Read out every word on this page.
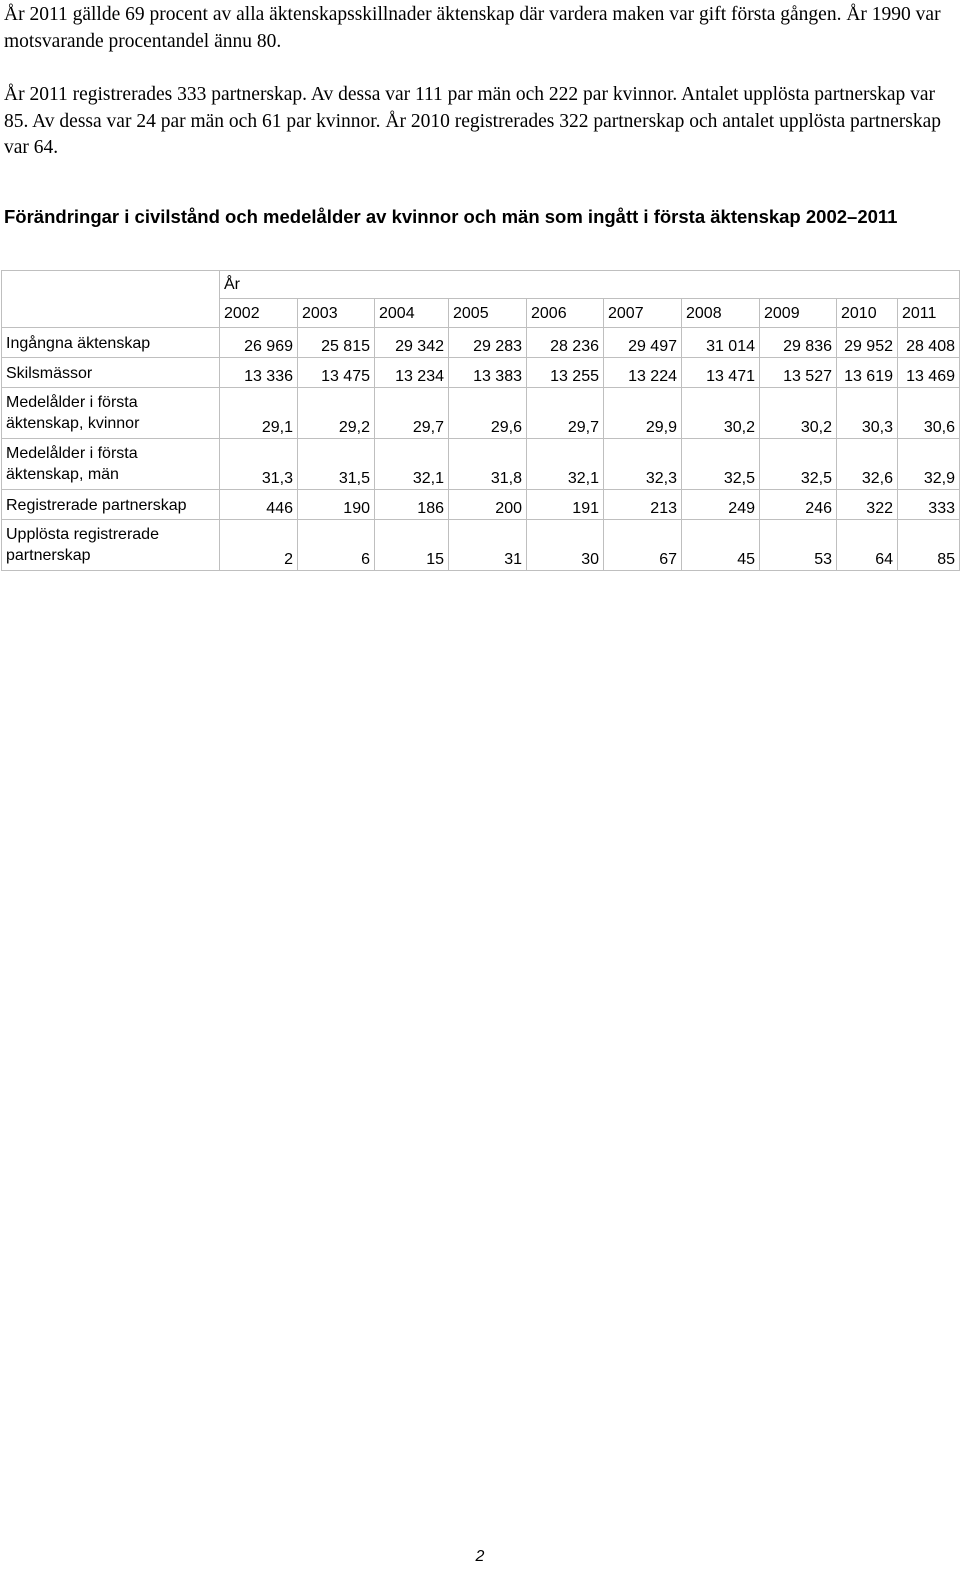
År 2011 gällde 69 procent av alla äktenskapsskillnader äktenskap där vardera maken var gift första gången. År 1990 var motsvarande procentandel ännu 80.

År 2011 registrerades 333 partnerskap. Av dessa var 111 par män och 222 par kvinnor. Antalet upplösta partnerskap var 85. Av dessa var 24 par män och 61 par kvinnor. År 2010 registrerades 322 partnerskap och antalet upplösta partnerskap var 64.

Förändringar i civilstånd och medelålder av kvinnor och män som ingått i första äktenskap 2002–2011
	År									
	2002	2003	2004	2005	2006	2007	2008	2009	2010	2011
Ingångna äktenskap	26 969	25 815	29 342	29 283	28 236	29 497	31 014	29 836	29 952	28 408
Skilsmässor	13 336	13 475	13 234	13 383	13 255	13 224	13 471	13 527	13 619	13 469
Medelålder i första äktenskap, kvinnor	29,1	29,2	29,7	29,6	29,7	29,9	30,2	30,2	30,3	30,6
Medelålder i första äktenskap, män	31,3	31,5	32,1	31,8	32,1	32,3	32,5	32,5	32,6	32,9
Registrerade partnerskap	446	190	186	200	191	213	249	246	322	333
Upplösta registrerade partnerskap	2	6	15	31	30	67	45	53	64	85
2
